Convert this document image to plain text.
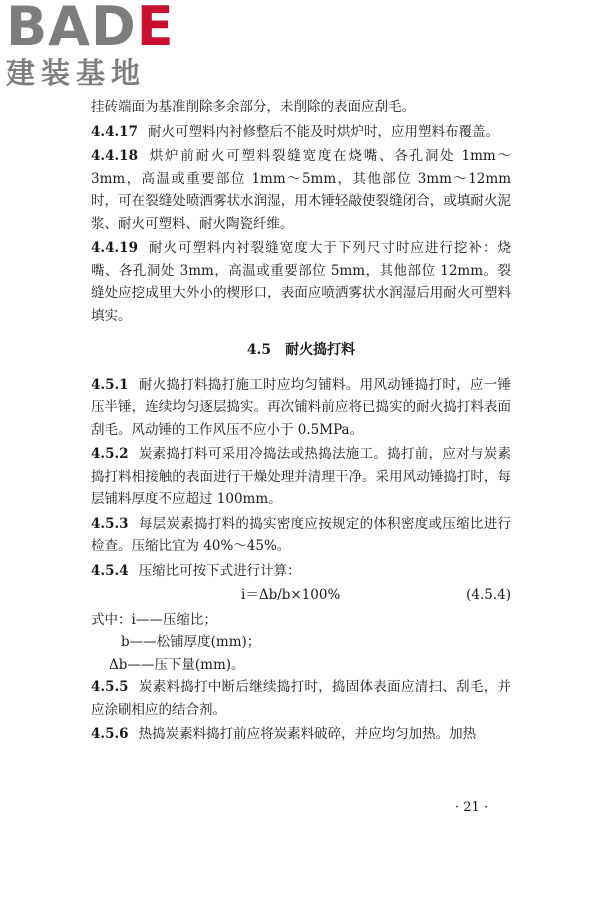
B A D E
建装基地

挂砖端面为基准削除多余部分，未削除的表面应刮毛。

4.4.17 耐火可塑料内衬修整后不能及时烘炉时，应用塑料布覆盖。

4.4.18 烘炉前耐火可塑料裂缝宽度在烧嘴、各孔洞处 1mm～3mm，高温或重要部位 1mm～5mm，其他部位 3mm～12mm 时，可在裂缝处喷洒雾状水润湿，用木锤轻敲使裂缝闭合，或填耐火泥浆、耐火可塑料、耐火陶瓷纤维。

4.4.19 耐火可塑料内衬裂缝宽度大于下列尺寸时应进行挖补：烧嘴、各孔洞处 3mm，高温或重要部位 5mm，其他部位 12mm。裂缝处应挖成里大外小的楔形口，表面应喷洒雾状水润湿后用耐火可塑料填实。

4.5　耐火捣打料

4.5.1 耐火捣打料捣打施工时应均匀铺料。用风动锤捣打时，应一锤压半锤，连续均匀逐层捣实。再次铺料前应将已捣实的耐火捣打料表面刮毛。风动锤的工作风压不应小于 0.5MPa。

4.5.2 炭素捣打料可采用冷捣法或热捣法施工。捣打前，应对与炭素捣打料相接触的表面进行干燥处理并清理干净。采用风动锤捣打时，每层铺料厚度不应超过 100mm。

4.5.3 每层炭素捣打料的捣实密度应按规定的体积密度或压缩比进行检查。压缩比宜为 40%～45%。

4.5.4 压缩比可按下式进行计算：

i＝Δb/b×100%	(4.5.4)

式中：i——压缩比；

b——松铺厚度(mm)；

Δb——压下量(mm)。

4.5.5 炭素料捣打中断后继续捣打时，捣固体表面应清扫、刮毛，并应涂刷相应的结合剂。

4.5.6 热捣炭素料捣打前应将炭素料破碎，并应均匀加热。加热

· 21 ·
